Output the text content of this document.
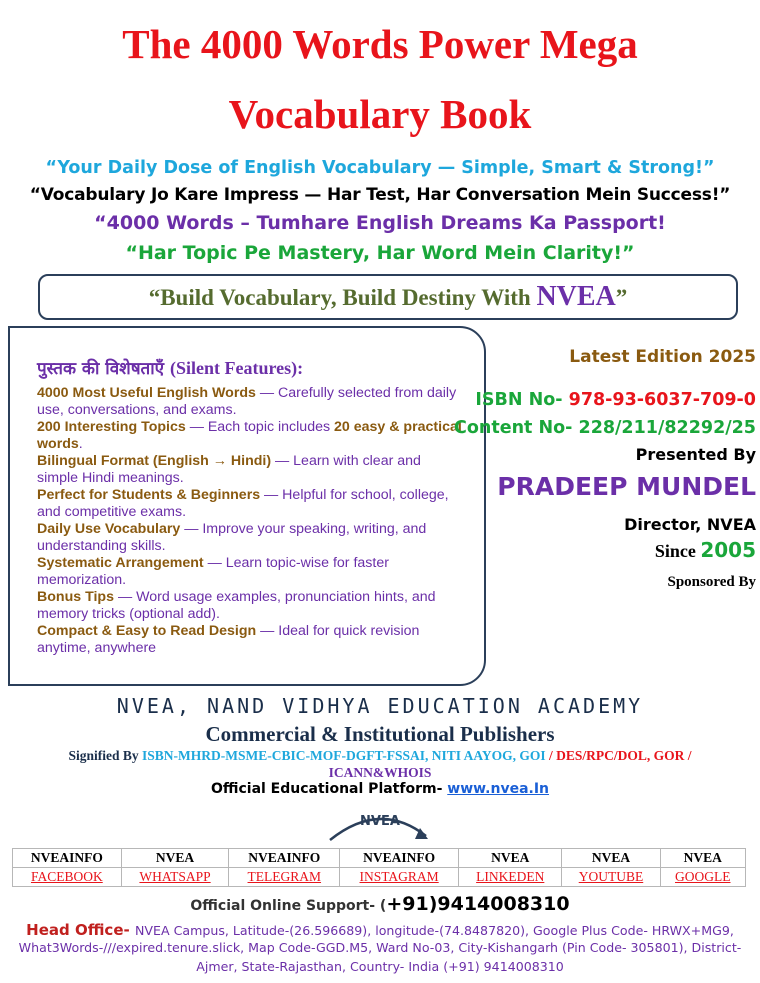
The 4000 Words Power Mega
Vocabulary Book
“Your Daily Dose of English Vocabulary — Simple, Smart & Strong!”
“Vocabulary Jo Kare Impress — Har Test, Har Conversation Mein Success!”
“4000 Words – Tumhare English Dreams Ka Passport!
“Har Topic Pe Mastery, Har Word Mein Clarity!”
“Build Vocabulary, Build Destiny With NVEA”
पुस्तक की विशेषताएँ (Silent Features):
4000 Most Useful English Words — Carefully selected from daily use, conversations, and exams.
200 Interesting Topics — Each topic includes 20 easy & practical words.
Bilingual Format (English → Hindi) — Learn with clear and simple Hindi meanings.
Perfect for Students & Beginners — Helpful for school, college, and competitive exams.
Daily Use Vocabulary — Improve your speaking, writing, and understanding skills.
Systematic Arrangement — Learn topic-wise for faster memorization.
Bonus Tips — Word usage examples, pronunciation hints, and memory tricks (optional add).
Compact & Easy to Read Design — Ideal for quick revision anytime, anywhere
Latest Edition 2025
ISBN No- 978-93-6037-709-0
Content No- 228/211/82292/25
Presented By
PRADEEP MUNDEL
Director, NVEA
Since 2005
Sponsored By
NVEA, NAND VIDHYA EDUCATION ACADEMY
Commercial & Institutional Publishers
Signified By ISBN-MHRD-MSME-CBIC-MOF-DGFT-FSSAI, NITI AAYOG, GOI / DES/RPC/DOL, GOR /
ICANN&WHOIS
Official Educational Platform- www.nvea.In
NVEA
NVEAINFO	NVEA	NVEAINFO	NVEAINFO	NVEA	NVEA	NVEA
FACEBOOK	WHATSAPP	TELEGRAM	INSTAGRAM	LINKEDEN	YOUTUBE	GOOGLE
Official Online Support- (+91)9414008310
Head Office- NVEA Campus, Latitude-(26.596689), longitude-(74.8487820), Google Plus Code- HRWX+MG9,
What3Words-///expired.tenure.slick, Map Code-GGD.M5, Ward No-03, City-Kishangarh (Pin Code- 305801), District-
Ajmer, State-Rajasthan, Country- India (+91) 9414008310
